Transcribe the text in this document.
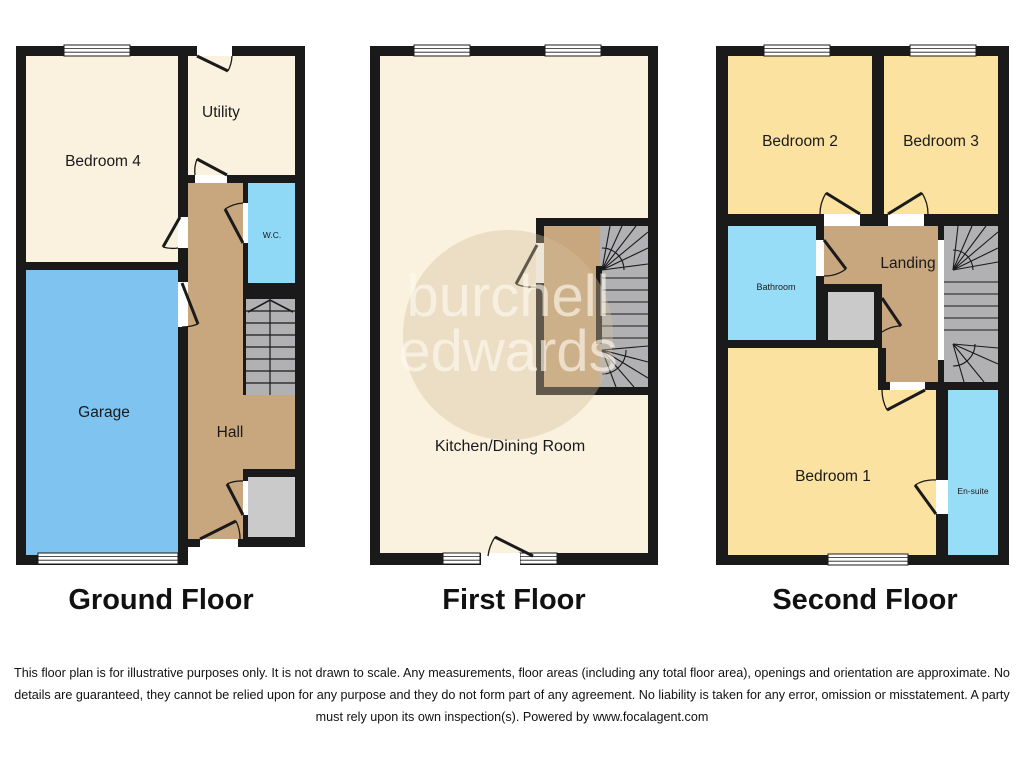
Bedroom 4
Utility
W.C.
Garage
Hall
burchell
edwards
Kitchen/Dining Room
Bedroom 2	Bedroom 3
Bathroom
Landing
Bedroom 1
En-suite
Ground Floor	First Floor	Second Floor
This floor plan is for illustrative purposes only. It is not drawn to scale. Any measurements, floor areas (including any total floor area), openings and orientation are approximate. No
details are guaranteed, they cannot be relied upon for any purpose and they do not form part of any agreement. No liability is taken for any error, omission or misstatement. A party
must rely upon its own inspection(s). Powered by www.focalagent.com
